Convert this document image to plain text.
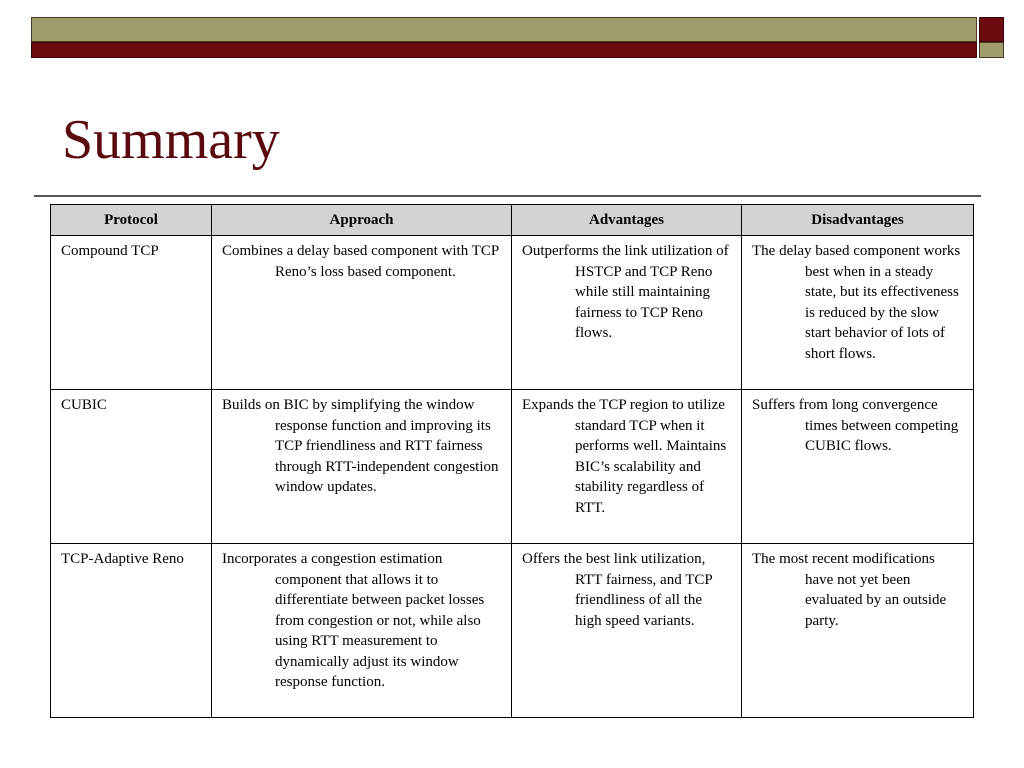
Summary
Protocol	Approach	Advantages	Disadvantages

Compound TCP	Combines a delay based component with TCP Reno’s loss based component.	Outperforms the link utilization of HSTCP and TCP Reno while still maintaining fairness to TCP Reno flows.	The delay based component works best when in a steady state, but its effectiveness is reduced by the slow start behavior of lots of short flows.

CUBIC	Builds on BIC by simplifying the window response function and improving its TCP friendliness and RTT fairness through RTT-independent congestion window updates.	Expands the TCP region to utilize standard TCP when it performs well. Maintains BIC’s scalability and stability regardless of RTT.	Suffers from long convergence times between competing CUBIC flows.

TCP-Adaptive Reno	Incorporates a congestion estimation component that allows it to differentiate between packet losses from congestion or not, while also using RTT measurement to dynamically adjust its window response function.	Offers the best link utilization, RTT fairness, and TCP friendliness of all the high speed variants.	The most recent modifications have not yet been evaluated by an outside party.
